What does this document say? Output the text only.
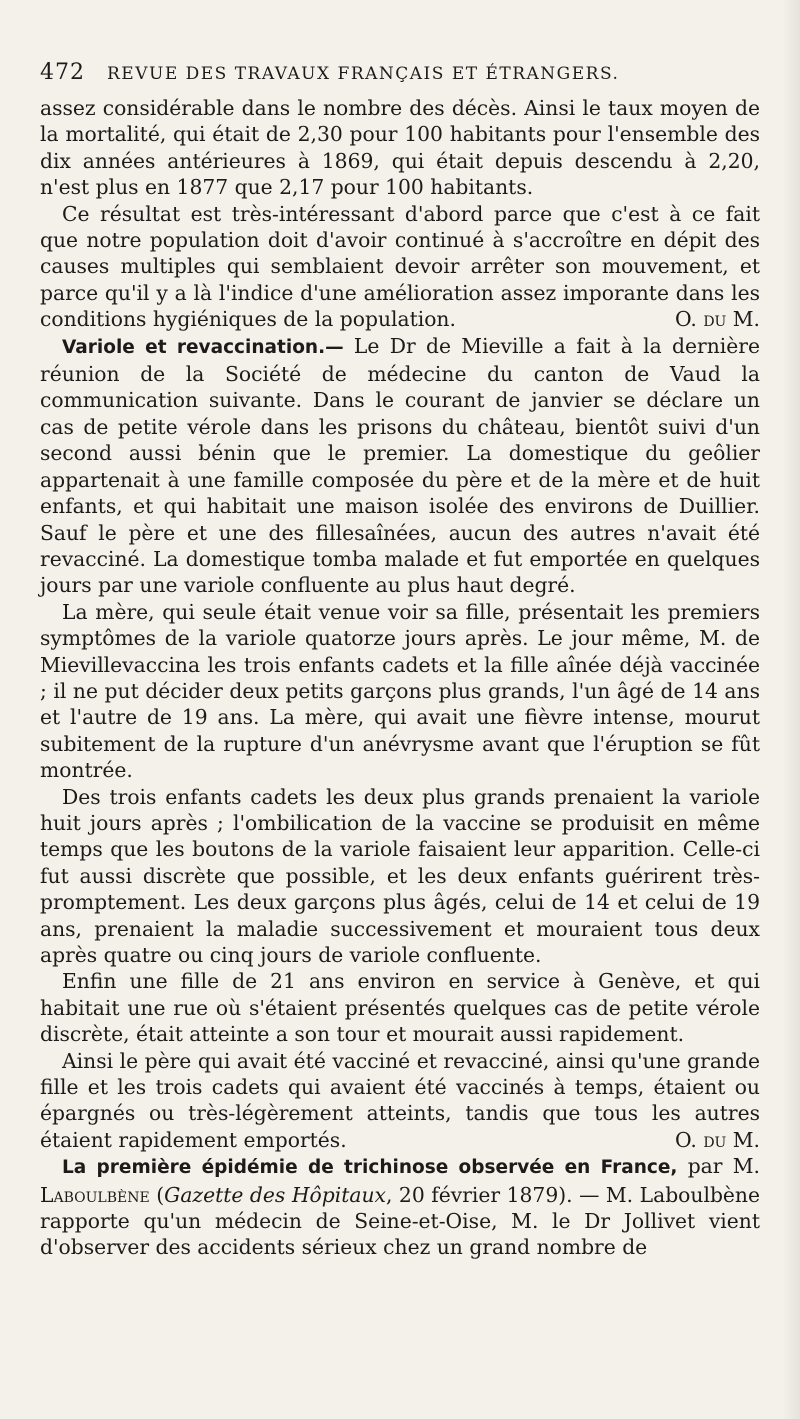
472 REVUE DES TRAVAUX FRANÇAIS ET ÉTRANGERS.

assez considérable dans le nombre des décès. Ainsi le taux moyen de la mortalité, qui était de 2,30 pour 100 habitants pour l'ensemble des dix années antérieures à 1869, qui était depuis descendu à 2,20, n'est plus en 1877 que 2,17 pour 100 habitants.

Ce résultat est très-intéressant d'abord parce que c'est à ce fait que notre population doit d'avoir continué à s'accroître en dépit des causes multiples qui semblaient devoir arrêter son mouvement, et parce qu'il y a là l'indice d'une amélioration assez imporante dans les conditions hygiéniques de la population.	O. du M.

Variole et revaccination.— Le Dr de Mieville a fait à la dernière réunion de la Société de médecine du canton de Vaud la communication suivante. Dans le courant de janvier se déclare un cas de petite vérole dans les prisons du château, bientôt suivi d'un second aussi bénin que le premier. La domestique du geôlier appartenait à une famille composée du père et de la mère et de huit enfants, et qui habitait une maison isolée des environs de Duillier. Sauf le père et une des fillesaînées, aucun des autres n'avait été revacciné. La domestique tomba malade et fut emportée en quelques jours par une variole confluente au plus haut degré.

La mère, qui seule était venue voir sa fille, présentait les premiers symptômes de la variole quatorze jours après. Le jour même, M. de Mievillevaccina les trois enfants cadets et la fille aînée déjà vaccinée ; il ne put décider deux petits garçons plus grands, l'un âgé de 14 ans et l'autre de 19 ans. La mère, qui avait une fièvre intense, mourut subitement de la rupture d'un anévrysme avant que l'éruption se fût montrée.

Des trois enfants cadets les deux plus grands prenaient la variole huit jours après ; l'ombilication de la vaccine se produisit en même temps que les boutons de la variole faisaient leur apparition. Celle-ci fut aussi discrète que possible, et les deux enfants guérirent très-promptement. Les deux garçons plus âgés, celui de 14 et celui de 19 ans, prenaient la maladie successivement et mouraient tous deux après quatre ou cinq jours de variole confluente.

Enfin une fille de 21 ans environ en service à Genève, et qui habitait une rue où s'étaient présentés quelques cas de petite vérole discrète, était atteinte a son tour et mourait aussi rapidement.

Ainsi le père qui avait été vacciné et revacciné, ainsi qu'une grande fille et les trois cadets qui avaient été vaccinés à temps, étaient ou épargnés ou très-légèrement atteints, tandis que tous les autres étaient rapidement emportés.	O. du M.

La première épidémie de trichinose observée en France, par M. Laboulbène (Gazette des Hôpitaux, 20 février 1879). — M. Laboulbène rapporte qu'un médecin de Seine-et-Oise, M. le Dr Jollivet vient d'observer des accidents sérieux chez un grand nombre de
